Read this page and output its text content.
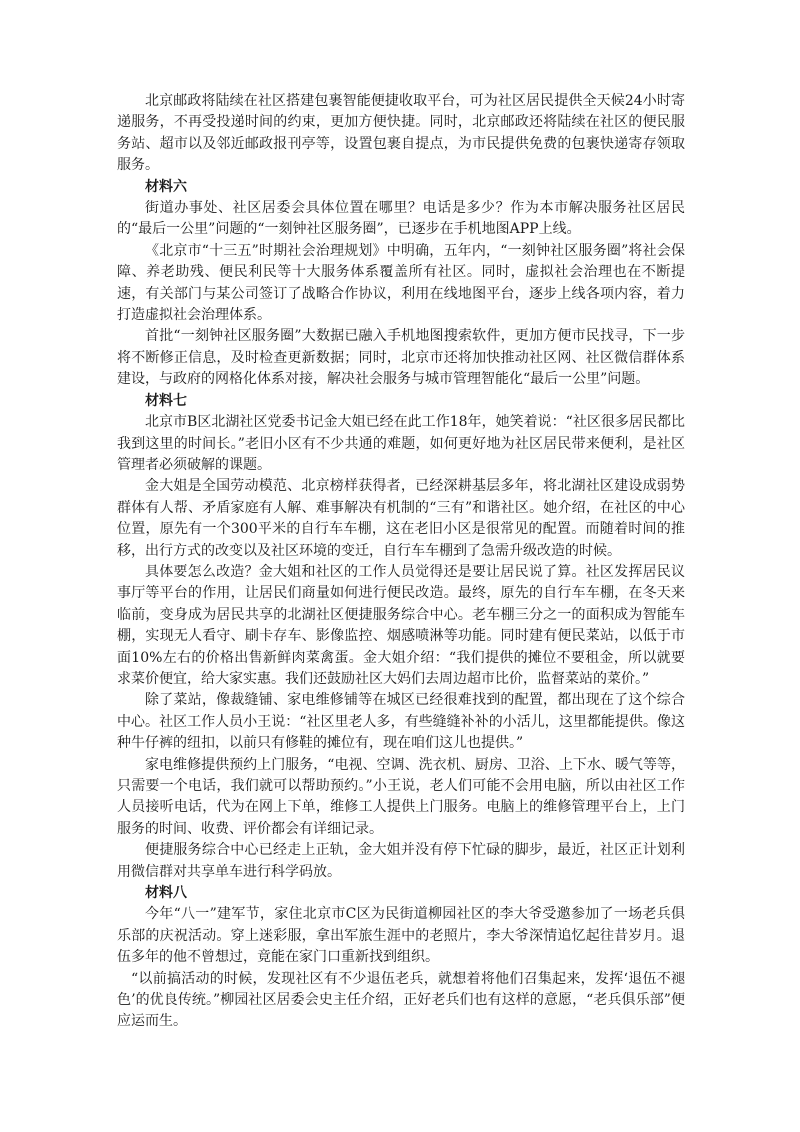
北京邮政将陆续在社区搭建包裹智能便捷收取平台，可为社区居民提供全天候24小时寄递服务，不再受投递时间的约束，更加方便快捷。同时，北京邮政还将陆续在社区的便民服务站、超市以及邻近邮政报刊亭等，设置包裹自提点，为市民提供免费的包裹快递寄存领取服务。

材料六

街道办事处、社区居委会具体位置在哪里？电话是多少？作为本市解决服务社区居民的“最后一公里”问题的“一刻钟社区服务圈”，已逐步在手机地图APP上线。

《北京市“十三五”时期社会治理规划》中明确，五年内，“一刻钟社区服务圈”将社会保障、养老助残、便民利民等十大服务体系覆盖所有社区。同时，虚拟社会治理也在不断提速，有关部门与某公司签订了战略合作协议，利用在线地图平台，逐步上线各项内容，着力打造虚拟社会治理体系。

首批“一刻钟社区服务圈”大数据已融入手机地图搜索软件，更加方便市民找寻，下一步将不断修正信息，及时检查更新数据；同时，北京市还将加快推动社区网、社区微信群体系建设，与政府的网格化体系对接，解决社会服务与城市管理智能化“最后一公里”问题。

材料七

北京市B区北湖社区党委书记金大姐已经在此工作18年，她笑着说：“社区很多居民都比我到这里的时间长。”老旧小区有不少共通的难题，如何更好地为社区居民带来便利，是社区管理者必须破解的课题。

金大姐是全国劳动模范、北京榜样获得者，已经深耕基层多年，将北湖社区建设成弱势群体有人帮、矛盾家庭有人解、难事解决有机制的“三有”和谐社区。她介绍，在社区的中心位置，原先有一个300平米的自行车车棚，这在老旧小区是很常见的配置。而随着时间的推移，出行方式的改变以及社区环境的变迁，自行车车棚到了急需升级改造的时候。

具体要怎么改造？金大姐和社区的工作人员觉得还是要让居民说了算。社区发挥居民议事厅等平台的作用，让居民们商量如何进行便民改造。最终，原先的自行车车棚，在冬天来临前，变身成为居民共享的北湖社区便捷服务综合中心。老车棚三分之一的面积成为智能车棚，实现无人看守、刷卡存车、影像监控、烟感喷淋等功能。同时建有便民菜站，以低于市面10%左右的价格出售新鲜肉菜禽蛋。金大姐介绍：“我们提供的摊位不要租金，所以就要求菜价便宜，给大家实惠。我们还鼓励社区大妈们去周边超市比价，监督菜站的菜价。”

除了菜站，像裁缝铺、家电维修铺等在城区已经很难找到的配置，都出现在了这个综合中心。社区工作人员小王说：“社区里老人多，有些缝缝补补的小活儿，这里都能提供。像这种牛仔裤的纽扣，以前只有修鞋的摊位有，现在咱们这儿也提供。”

家电维修提供预约上门服务，“电视、空调、洗衣机、厨房、卫浴、上下水、暖气等等，只需要一个电话，我们就可以帮助预约。”小王说，老人们可能不会用电脑，所以由社区工作人员接听电话，代为在网上下单，维修工人提供上门服务。电脑上的维修管理平台上，上门服务的时间、收费、评价都会有详细记录。

便捷服务综合中心已经走上正轨，金大姐并没有停下忙碌的脚步，最近，社区正计划利用微信群对共享单车进行科学码放。

材料八

今年“八一”建军节，家住北京市C区为民街道柳园社区的李大爷受邀参加了一场老兵俱乐部的庆祝活动。穿上迷彩服，拿出军旅生涯中的老照片，李大爷深情追忆起往昔岁月。退伍多年的他不曾想过，竟能在家门口重新找到组织。

“以前搞活动的时候，发现社区有不少退伍老兵，就想着将他们召集起来，发挥‘退伍不褪色’的优良传统。”柳园社区居委会史主任介绍，正好老兵们也有这样的意愿，“老兵俱乐部”便应运而生。
